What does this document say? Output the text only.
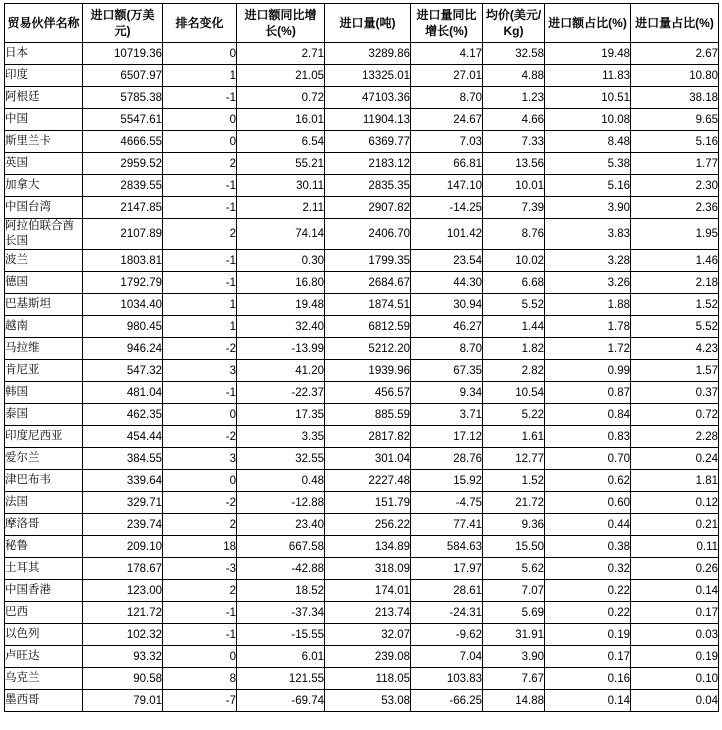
贸易伙伴名称	进口额(万美元)	排名变化	进口额同比增长(%)	进口量(吨)	进口量同比增长(%)	均价(美元/Kg)	进口额占比(%)	进口量占比(%)
日本	10719.36	0	2.71	3289.86	4.17	32.58	19.48	2.67
印度	6507.97	1	21.05	13325.01	27.01	4.88	11.83	10.80
阿根廷	5785.38	-1	0.72	47103.36	8.70	1.23	10.51	38.18
中国	5547.61	0	16.01	11904.13	24.67	4.66	10.08	9.65
斯里兰卡	4666.55	0	6.54	6369.77	7.03	7.33	8.48	5.16
英国	2959.52	2	55.21	2183.12	66.81	13.56	5.38	1.77
加拿大	2839.55	-1	30.11	2835.35	147.10	10.01	5.16	2.30
中国台湾	2147.85	-1	2.11	2907.82	-14.25	7.39	3.90	2.36
阿拉伯联合酋长国	2107.89	2	74.14	2406.70	101.42	8.76	3.83	1.95
波兰	1803.81	-1	0.30	1799.35	23.54	10.02	3.28	1.46
德国	1792.79	-1	16.80	2684.67	44.30	6.68	3.26	2.18
巴基斯坦	1034.40	1	19.48	1874.51	30.94	5.52	1.88	1.52
越南	980.45	1	32.40	6812.59	46.27	1.44	1.78	5.52
马拉维	946.24	-2	-13.99	5212.20	8.70	1.82	1.72	4.23
肯尼亚	547.32	3	41.20	1939.96	67.35	2.82	0.99	1.57
韩国	481.04	-1	-22.37	456.57	9.34	10.54	0.87	0.37
泰国	462.35	0	17.35	885.59	3.71	5.22	0.84	0.72
印度尼西亚	454.44	-2	3.35	2817.82	17.12	1.61	0.83	2.28
爱尔兰	384.55	3	32.55	301.04	28.76	12.77	0.70	0.24
津巴布韦	339.64	0	0.48	2227.48	15.92	1.52	0.62	1.81
法国	329.71	-2	-12.88	151.79	-4.75	21.72	0.60	0.12
摩洛哥	239.74	2	23.40	256.22	77.41	9.36	0.44	0.21
秘鲁	209.10	18	667.58	134.89	584.63	15.50	0.38	0.11
土耳其	178.67	-3	-42.88	318.09	17.97	5.62	0.32	0.26
中国香港	123.00	2	18.52	174.01	28.61	7.07	0.22	0.14
巴西	121.72	-1	-37.34	213.74	-24.31	5.69	0.22	0.17
以色列	102.32	-1	-15.55	32.07	-9.62	31.91	0.19	0.03
卢旺达	93.32	0	6.01	239.08	7.04	3.90	0.17	0.19
乌克兰	90.58	8	121.55	118.05	103.83	7.67	0.16	0.10
墨西哥	79.01	-7	-69.74	53.08	-66.25	14.88	0.14	0.04
